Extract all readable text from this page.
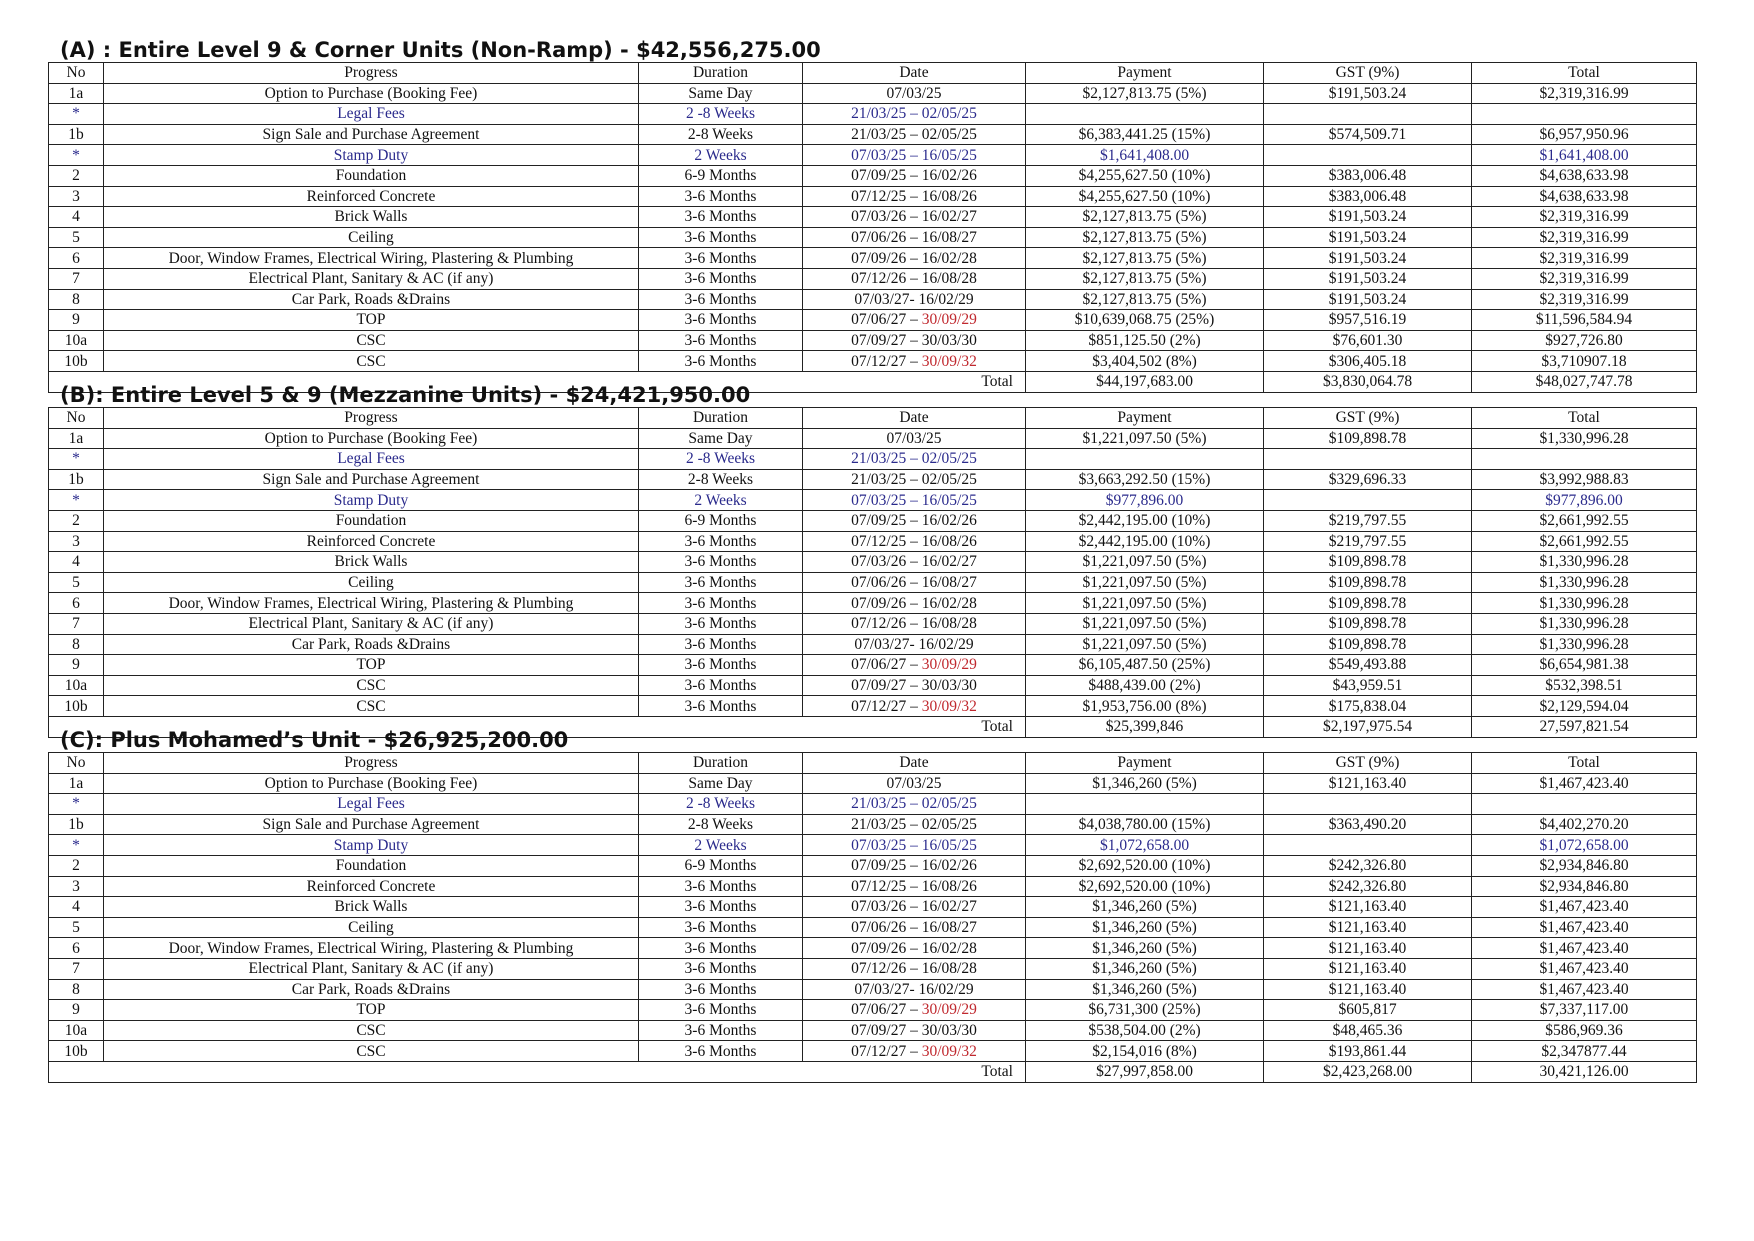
(A) : Entire Level 9 & Corner Units (Non-Ramp) - $42,556,275.00
No	Progress	Duration	Date	Payment	GST (9%)	Total
1a	Option to Purchase (Booking Fee)	Same Day	07/03/25	$2,127,813.75 (5%)	$191,503.24	$2,319,316.99
*	Legal Fees	2 -8 Weeks	21/03/25 – 02/05/25			
1b	Sign Sale and Purchase Agreement	2-8 Weeks	21/03/25 – 02/05/25	$6,383,441.25 (15%)	$574,509.71	$6,957,950.96
*	Stamp Duty	2 Weeks	07/03/25 – 16/05/25	$1,641,408.00		$1,641,408.00
2	Foundation	6-9 Months	07/09/25 – 16/02/26	$4,255,627.50 (10%)	$383,006.48	$4,638,633.98
3	Reinforced Concrete	3-6 Months	07/12/25 – 16/08/26	$4,255,627.50 (10%)	$383,006.48	$4,638,633.98
4	Brick Walls	3-6 Months	07/03/26 – 16/02/27	$2,127,813.75 (5%)	$191,503.24	$2,319,316.99
5	Ceiling	3-6 Months	07/06/26 – 16/08/27	$2,127,813.75 (5%)	$191,503.24	$2,319,316.99
6	Door, Window Frames, Electrical Wiring, Plastering & Plumbing	3-6 Months	07/09/26 – 16/02/28	$2,127,813.75 (5%)	$191,503.24	$2,319,316.99
7	Electrical Plant, Sanitary & AC (if any)	3-6 Months	07/12/26 – 16/08/28	$2,127,813.75 (5%)	$191,503.24	$2,319,316.99
8	Car Park, Roads &Drains	3-6 Months	07/03/27- 16/02/29	$2,127,813.75 (5%)	$191,503.24	$2,319,316.99
9	TOP	3-6 Months	07/06/27 – 30/09/29	$10,639,068.75 (25%)	$957,516.19	$11,596,584.94
10a	CSC	3-6 Months	07/09/27 – 30/03/30	$851,125.50 (2%)	$76,601.30	$927,726.80
10b	CSC	3-6 Months	07/12/27 – 30/09/32	$3,404,502 (8%)	$306,405.18	$3,710907.18
Total				$44,197,683.00	$3,830,064.78	$48,027,747.78
(B): Entire Level 5 & 9 (Mezzanine Units) - $24,421,950.00
No	Progress	Duration	Date	Payment	GST (9%)	Total
1a	Option to Purchase (Booking Fee)	Same Day	07/03/25	$1,221,097.50 (5%)	$109,898.78	$1,330,996.28
*	Legal Fees	2 -8 Weeks	21/03/25 – 02/05/25			
1b	Sign Sale and Purchase Agreement	2-8 Weeks	21/03/25 – 02/05/25	$3,663,292.50 (15%)	$329,696.33	$3,992,988.83
*	Stamp Duty	2 Weeks	07/03/25 – 16/05/25	$977,896.00		$977,896.00
2	Foundation	6-9 Months	07/09/25 – 16/02/26	$2,442,195.00 (10%)	$219,797.55	$2,661,992.55
3	Reinforced Concrete	3-6 Months	07/12/25 – 16/08/26	$2,442,195.00 (10%)	$219,797.55	$2,661,992.55
4	Brick Walls	3-6 Months	07/03/26 – 16/02/27	$1,221,097.50 (5%)	$109,898.78	$1,330,996.28
5	Ceiling	3-6 Months	07/06/26 – 16/08/27	$1,221,097.50 (5%)	$109,898.78	$1,330,996.28
6	Door, Window Frames, Electrical Wiring, Plastering & Plumbing	3-6 Months	07/09/26 – 16/02/28	$1,221,097.50 (5%)	$109,898.78	$1,330,996.28
7	Electrical Plant, Sanitary & AC (if any)	3-6 Months	07/12/26 – 16/08/28	$1,221,097.50 (5%)	$109,898.78	$1,330,996.28
8	Car Park, Roads &Drains	3-6 Months	07/03/27- 16/02/29	$1,221,097.50 (5%)	$109,898.78	$1,330,996.28
9	TOP	3-6 Months	07/06/27 – 30/09/29	$6,105,487.50 (25%)	$549,493.88	$6,654,981.38
10a	CSC	3-6 Months	07/09/27 – 30/03/30	$488,439.00 (2%)	$43,959.51	$532,398.51
10b	CSC	3-6 Months	07/12/27 – 30/09/32	$1,953,756.00 (8%)	$175,838.04	$2,129,594.04
Total				$25,399,846	$2,197,975.54	27,597,821.54
(C): Plus Mohamed’s Unit - $26,925,200.00
No	Progress	Duration	Date	Payment	GST (9%)	Total
1a	Option to Purchase (Booking Fee)	Same Day	07/03/25	$1,346,260 (5%)	$121,163.40	$1,467,423.40
*	Legal Fees	2 -8 Weeks	21/03/25 – 02/05/25			
1b	Sign Sale and Purchase Agreement	2-8 Weeks	21/03/25 – 02/05/25	$4,038,780.00 (15%)	$363,490.20	$4,402,270.20
*	Stamp Duty	2 Weeks	07/03/25 – 16/05/25	$1,072,658.00		$1,072,658.00
2	Foundation	6-9 Months	07/09/25 – 16/02/26	$2,692,520.00 (10%)	$242,326.80	$2,934,846.80
3	Reinforced Concrete	3-6 Months	07/12/25 – 16/08/26	$2,692,520.00 (10%)	$242,326.80	$2,934,846.80
4	Brick Walls	3-6 Months	07/03/26 – 16/02/27	$1,346,260 (5%)	$121,163.40	$1,467,423.40
5	Ceiling	3-6 Months	07/06/26 – 16/08/27	$1,346,260 (5%)	$121,163.40	$1,467,423.40
6	Door, Window Frames, Electrical Wiring, Plastering & Plumbing	3-6 Months	07/09/26 – 16/02/28	$1,346,260 (5%)	$121,163.40	$1,467,423.40
7	Electrical Plant, Sanitary & AC (if any)	3-6 Months	07/12/26 – 16/08/28	$1,346,260 (5%)	$121,163.40	$1,467,423.40
8	Car Park, Roads &Drains	3-6 Months	07/03/27- 16/02/29	$1,346,260 (5%)	$121,163.40	$1,467,423.40
9	TOP	3-6 Months	07/06/27 – 30/09/29	$6,731,300 (25%)	$605,817	$7,337,117.00
10a	CSC	3-6 Months	07/09/27 – 30/03/30	$538,504.00 (2%)	$48,465.36	$586,969.36
10b	CSC	3-6 Months	07/12/27 – 30/09/32	$2,154,016 (8%)	$193,861.44	$2,347877.44
Total				$27,997,858.00	$2,423,268.00	30,421,126.00
